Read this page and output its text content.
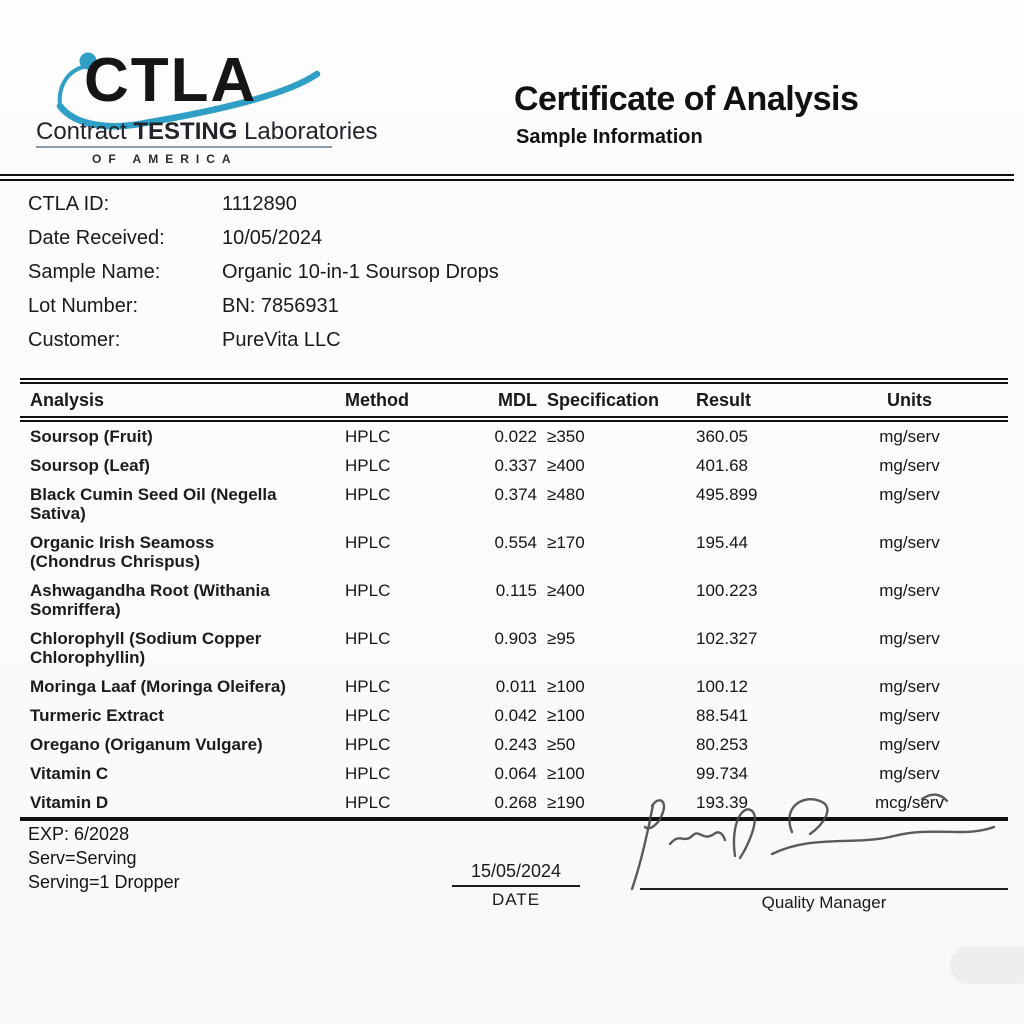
CTLA
Contract TESTING Laboratories
OF AMERICA
Certificate of Analysis
Sample Information
CTLA ID:	1112890
Date Received:	10/05/2024
Sample Name:	Organic 10-in-1 Soursop Drops
Lot Number:	BN: 7856931
Customer:	PureVita LLC
Analysis	Method	MDL	Specification	Result	Units
Soursop (Fruit)	HPLC	0.022	≥350	360.05	mg/serv
Soursop (Leaf)	HPLC	0.337	≥400	401.68	mg/serv
Black Cumin Seed Oil (Negella Sativa)	HPLC	0.374	≥480	495.899	mg/serv
Organic Irish Seamoss (Chondrus Chrispus)	HPLC	0.554	≥170	195.44	mg/serv
Ashwagandha Root (Withania Somriffera)	HPLC	0.115	≥400	100.223	mg/serv
Chlorophyll (Sodium Copper Chlorophyllin)	HPLC	0.903	≥95	102.327	mg/serv
Moringa Laaf (Moringa Oleifera)	HPLC	0.011	≥100	100.12	mg/serv
Turmeric Extract	HPLC	0.042	≥100	88.541	mg/serv
Oregano (Origanum Vulgare)	HPLC	0.243	≥50	80.253	mg/serv
Vitamin C	HPLC	0.064	≥100	99.734	mg/serv
Vitamin D	HPLC	0.268	≥190	193.39	mcg/serv
EXP: 6/2028
Serv=Serving
Serving=1 Dropper
15/05/2024
DATE	Quality Manager
